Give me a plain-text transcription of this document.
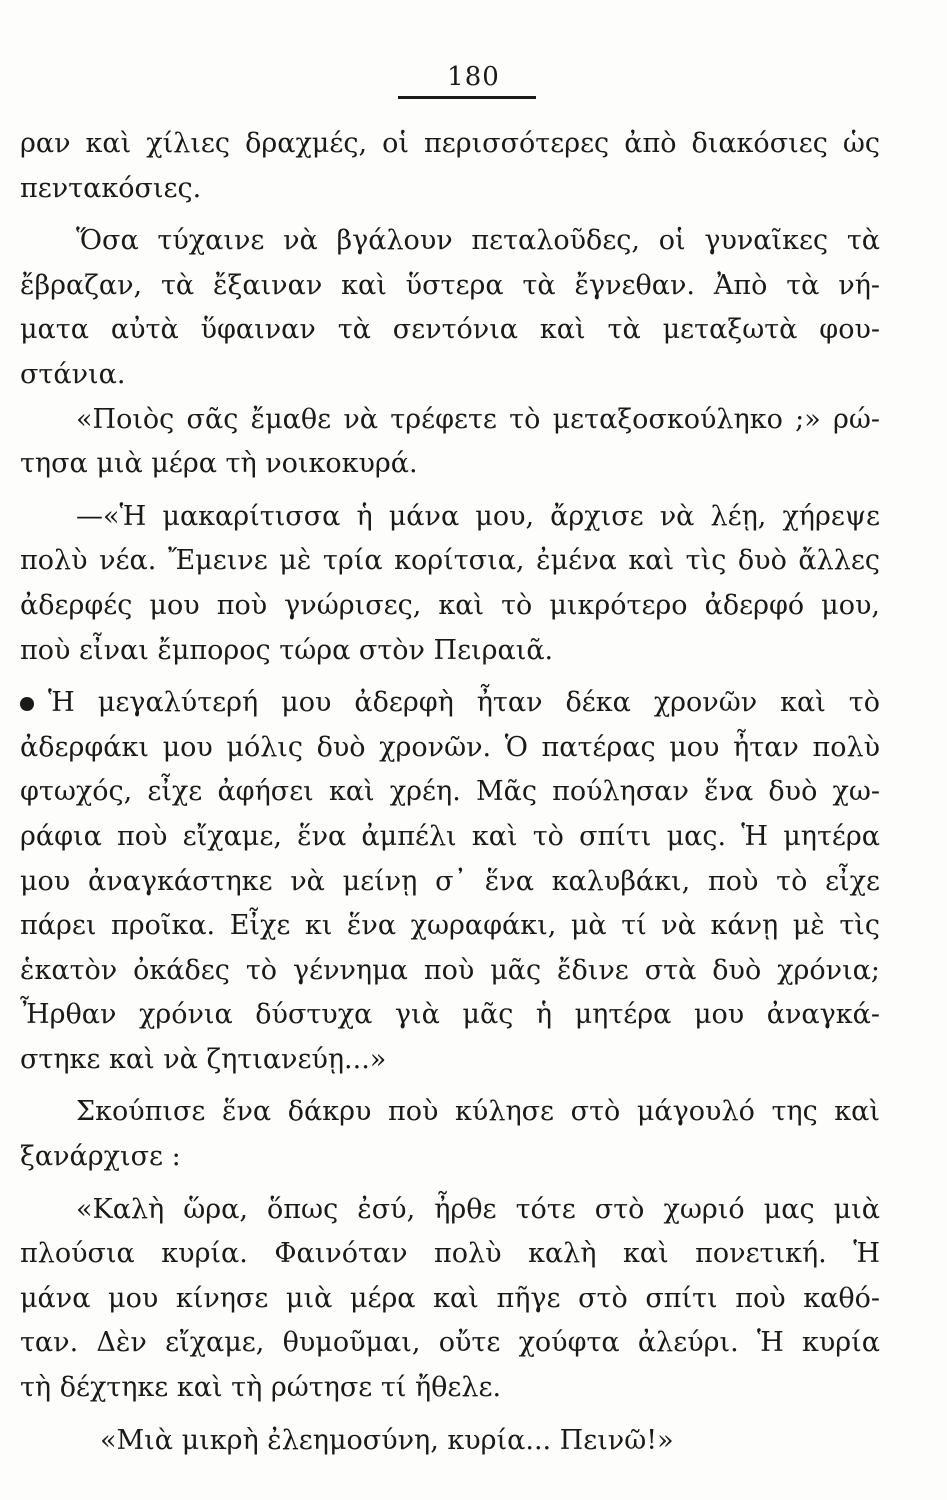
180
ραν καὶ χίλιες δραχμές, οἱ περισσότερες ἀπὸ διακόσιες ὡς
πεντακόσιες.
Ὅσα τύχαινε νὰ βγάλουν πεταλοῦδες, οἱ γυναῖκες τὰ
ἔβραζαν, τὰ ἔξαιναν καὶ ὕστερα τὰ ἔγνεθαν. Ἀπὸ τὰ νή-
ματα αὐτὰ ὕφαιναν τὰ σεντόνια καὶ τὰ μεταξωτὰ φου-
στάνια.
«Ποιὸς σᾶς ἔμαθε νὰ τρέφετε τὸ μεταξοσκούληκο ;» ρώ-
τησα μιὰ μέρα τὴ νοικοκυρά.
—«Ἡ μακαρίτισσα ἡ μάνα μου, ἄρχισε νὰ λέῃ, χήρεψε
πολὺ νέα. Ἔμεινε μὲ τρία κορίτσια, ἐμένα καὶ τὶς δυὸ ἄλλες
ἀδερφές μου ποὺ γνώρισες, καὶ τὸ μικρότερο ἀδερφό μου,
ποὺ εἶναι ἔμπορος τώρα στὸν Πειραιᾶ.
Ἡ μεγαλύτερή μου ἀδερφὴ ἦταν δέκα χρονῶν καὶ τὸ
ἀδερφάκι μου μόλις δυὸ χρονῶν. Ὁ πατέρας μου ἦταν πολὺ
φτωχός, εἶχε ἀφήσει καὶ χρέη. Μᾶς πούλησαν ἕνα δυὸ χω-
ράφια ποὺ εἴχαμε, ἕνα ἀμπέλι καὶ τὸ σπίτι μας. Ἡ μητέρα
μου ἀναγκάστηκε νὰ μείνῃ σ᾿ ἕνα καλυβάκι, ποὺ τὸ εἶχε
πάρει προῖκα. Εἶχε κι ἕνα χωραφάκι, μὰ τί νὰ κάνῃ μὲ τὶς
ἑκατὸν ὀκάδες τὸ γέννημα ποὺ μᾶς ἔδινε στὰ δυὸ χρόνια;
Ἦρθαν χρόνια δύστυχα γιὰ μᾶς ἡ μητέρα μου ἀναγκά-
στηκε καὶ νὰ ζητιανεύῃ...»
Σκούπισε ἕνα δάκρυ ποὺ κύλησε στὸ μάγουλό της καὶ
ξανάρχισε :
«Καλὴ ὥρα, ὅπως ἐσύ, ἦρθε τότε στὸ χωριό μας μιὰ
πλούσια κυρία. Φαινόταν πολὺ καλὴ καὶ πονετική. Ἡ
μάνα μου κίνησε μιὰ μέρα καὶ πῆγε στὸ σπίτι ποὺ καθό-
ταν. Δὲν εἴχαμε, θυμοῦμαι, οὔτε χούφτα ἀλεύρι. Ἡ κυρία
τὴ δέχτηκε καὶ τὴ ρώτησε τί ἤθελε.
«Μιὰ μικρὴ ἐλεημοσύνη, κυρία... Πεινῶ!»
